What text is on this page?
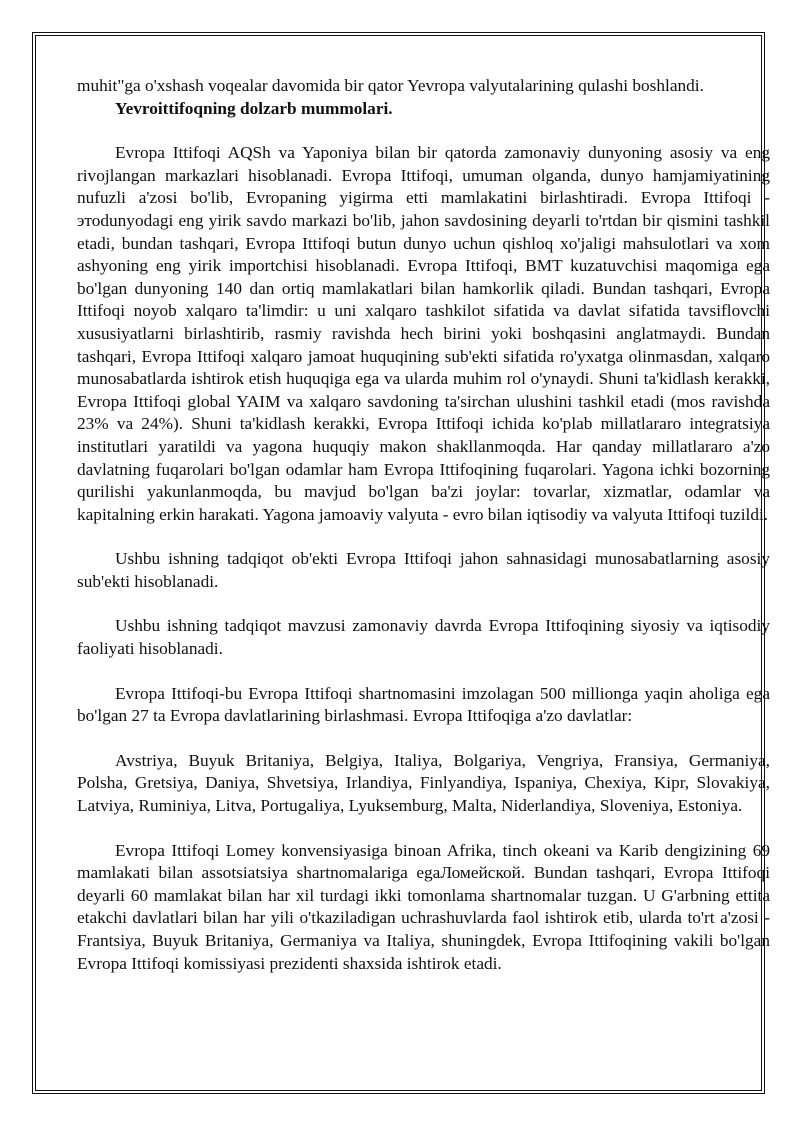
muhit"ga o'xshash voqealar davomida bir qator Yevropa valyutalarining qulashi boshlandi.

Yevroittifoqning dolzarb mummolari.

Evropa Ittifoqi AQSh va Yaponiya bilan bir qatorda zamonaviy dunyoning asosiy va eng rivojlangan markazlari hisoblanadi. Evropa Ittifoqi, umuman olganda, dunyo hamjamiyatining nufuzli a'zosi bo'lib, Evropaning yigirma etti mamlakatini birlashtiradi. Evropa Ittifoqi - этоdunyodagi eng yirik savdo markazi bo'lib, jahon savdosining deyarli to'rtdan bir qismini tashkil etadi, bundan tashqari, Evropa Ittifoqi butun dunyo uchun qishloq xo'jaligi mahsulotlari va xom ashyoning eng yirik importchisi hisoblanadi. Evropa Ittifoqi, BMT kuzatuvchisi maqomiga ega bo'lgan dunyoning 140 dan ortiq mamlakatlari bilan hamkorlik qiladi. Bundan tashqari, Evropa Ittifoqi noyob xalqaro ta'limdir: u uni xalqaro tashkilot sifatida va davlat sifatida tavsiflovchi xususiyatlarni birlashtirib, rasmiy ravishda hech birini yoki boshqasini anglatmaydi. Bundan tashqari, Evropa Ittifoqi xalqaro jamoat huquqining sub'ekti sifatida ro'yxatga olinmasdan, xalqaro munosabatlarda ishtirok etish huquqiga ega va ularda muhim rol o'ynaydi. Shuni ta'kidlash kerakki, Evropa Ittifoqi global YAIM va xalqaro savdoning ta'sirchan ulushini tashkil etadi (mos ravishda 23% va 24%). Shuni ta'kidlash kerakki, Evropa Ittifoqi ichida ko'plab millatlararo integratsiya institutlari yaratildi va yagona huquqiy makon shakllanmoqda. Har qanday millatlararo a'zo davlatning fuqarolari bo'lgan odamlar ham Evropa Ittifoqining fuqarolari. Yagona ichki bozorning qurilishi yakunlanmoqda, bu mavjud bo'lgan ba'zi joylar: tovarlar, xizmatlar, odamlar va kapitalning erkin harakati. Yagona jamoaviy valyuta - evro bilan iqtisodiy va valyuta Ittifoqi tuzildi.

Ushbu ishning tadqiqot ob'ekti Evropa Ittifoqi jahon sahnasidagi munosabatlarning asosiy sub'ekti hisoblanadi.

Ushbu ishning tadqiqot mavzusi zamonaviy davrda Evropa Ittifoqining siyosiy va iqtisodiy faoliyati hisoblanadi.

Evropa Ittifoqi-bu Evropa Ittifoqi shartnomasini imzolagan 500 millionga yaqin aholiga ega bo'lgan 27 ta Evropa davlatlarining birlashmasi. Evropa Ittifoqiga a'zo davlatlar:

Avstriya, Buyuk Britaniya, Belgiya, Italiya, Bolgariya, Vengriya, Fransiya, Germaniya, Polsha, Gretsiya, Daniya, Shvetsiya, Irlandiya, Finlyandiya, Ispaniya, Chexiya, Kipr, Slovakiya, Latviya, Ruminiya, Litva, Portugaliya, Lyuksemburg, Malta, Niderlandiya, Sloveniya, Estoniya.

Evropa Ittifoqi Lomey konvensiyasiga binoan Afrika, tinch okeani va Karib dengizining 69 mamlakati bilan assotsiatsiya shartnomalariga egaЛомейской. Bundan tashqari, Evropa Ittifoqi deyarli 60 mamlakat bilan har xil turdagi ikki tomonlama shartnomalar tuzgan. U G'arbning ettita etakchi davlatlari bilan har yili o'tkaziladigan uchrashuvlarda faol ishtirok etib, ularda to'rt a'zosi - Frantsiya, Buyuk Britaniya, Germaniya va Italiya, shuningdek, Evropa Ittifoqining vakili bo'lgan Evropa Ittifoqi komissiyasi prezidenti shaxsida ishtirok etadi.
